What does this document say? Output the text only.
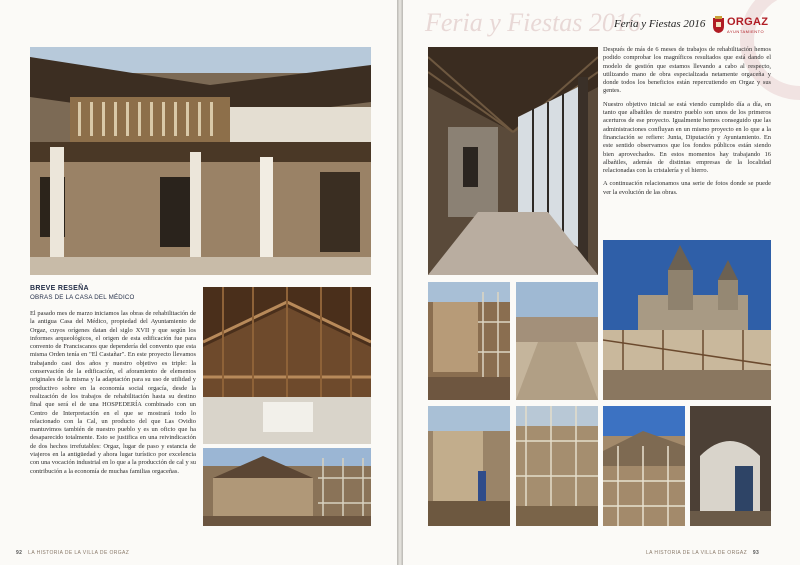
BREVE RESEÑA
OBRAS DE LA CASA DEL MÉDICO
El pasado mes de marzo iniciamos las obras de rehabilitación de la antigua Casa del Médico, propiedad del Ayuntamiento de Orgaz, cuyos orígenes datan del siglo XVII y que según los informes arqueológicos, el origen de esta edificación fue para convento de Franciscanos que dependería del convento que esta misma Orden tenía en "El Castañar". En este proyecto llevamos trabajando casi dos años y nuestro objetivo es triple: la conservación de la edificación, el aforamiento de elementos originales de la misma y la adaptación para su uso de utilidad y productivo sobre en la economía social orgacía, desde la realización de los trabajos de rehabilitación hasta su destino final que será el de una HOSPEDERÍA combinado con un Centro de Interpretación en el que se mostrará todo lo relacionado con la Cal, un producto del que Las Ovidio mantuvimos también de nuestro pueblo y es un oficio que ha desaparecido totalmente. Esto se justifica en una reivindicación de dos hechos irrefutables: Orgaz, lugar de paso y estancia de viajeros en la antigüedad y ahora lugar turístico por excelencia con una vocación industrial en lo que a la producción de cal y su contribución a la economía de muchas familias orgaceñas.
92 LA HISTORIA DE LA VILLA DE ORGAZ
Feria y Fiestas 2016
Feria y Fiestas 2016 ORGAZ
AYUNTAMIENTO

Después de más de 6 meses de trabajos de rehabilitación hemos podido comprobar los magníficos resultados que está dando el modelo de gestión que estamos llevando a cabo al respecto, utilizando mano de obra especializada netamente orgaceña y donde todos los beneficios están repercutiendo en Orgaz y sus gentes.

Nuestro objetivo inicial se está viendo cumplido día a día, en tanto que albañiles de nuestro pueblo son unos de los primeros acerturos de ese proyecto. Igualmente hemos conseguido que las administraciones confluyan en un mismo proyecto en lo que a la financiación se refiere: Junta, Diputación y Ayuntamiento. En este sentido observamos que los fondos públicos están siendo bien aprovechados. En estos momentos hay trabajando 16 albañiles, además de distintas empresas de la localidad relacionadas con la cristalería y el hierro.

A continuación relacionamos una serie de fotos donde se puede ver la evolución de las obras.

LA HISTORIA DE LA VILLA DE ORGAZ 93
